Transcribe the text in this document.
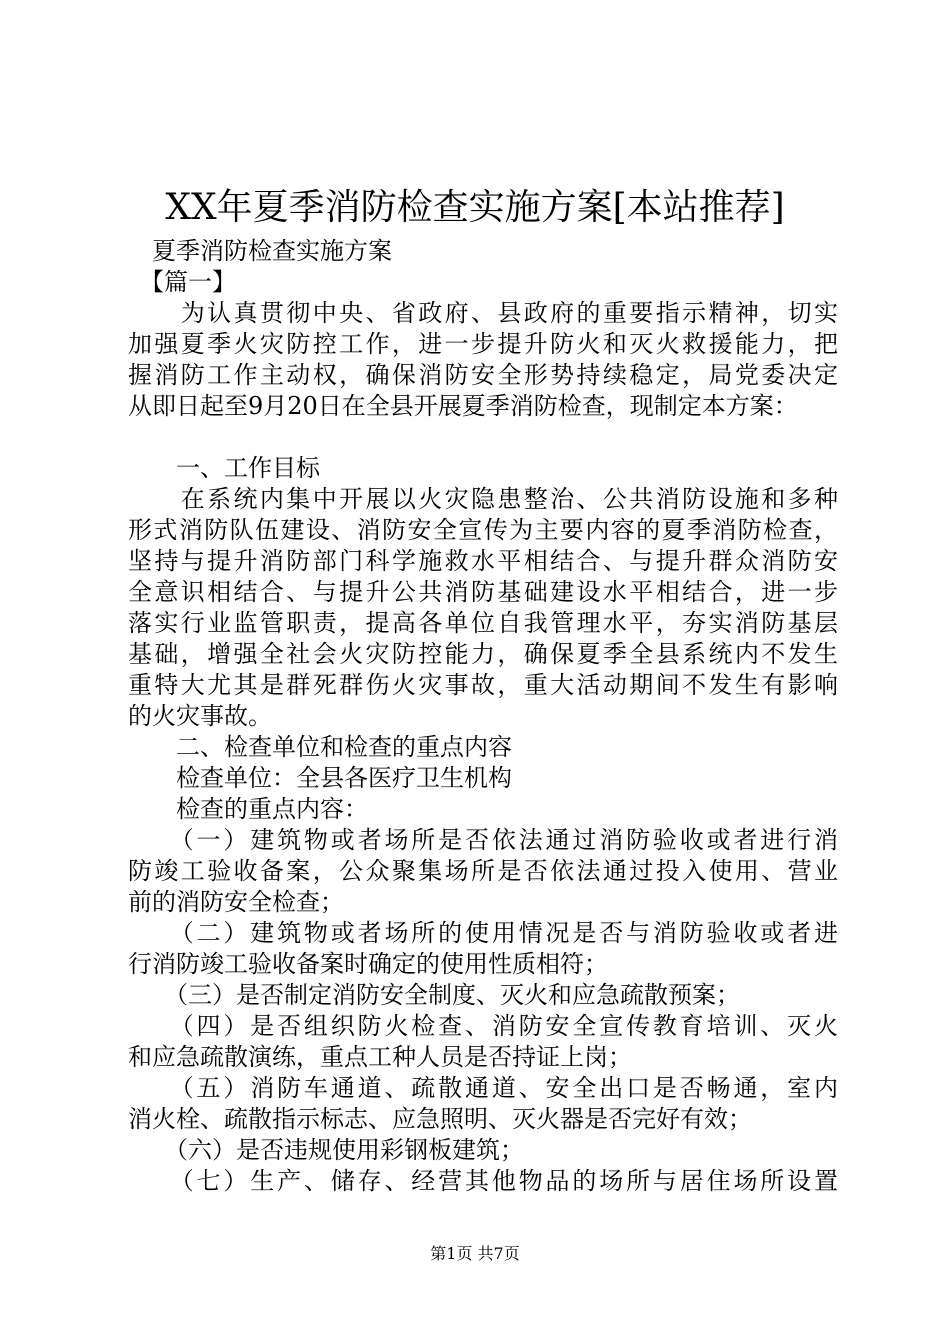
XX年夏季消防检查实施方案[本站推荐]
　夏季消防检查实施方案
　【篇一】
　　为认真贯彻中央、省政府、县政府的重要指示精神，切实
加强夏季火灾防控工作，进一步提升防火和灭火救援能力，把
握消防工作主动权，确保消防安全形势持续稳定，局党委决定
从即日起至9月20日在全县开展夏季消防检查，现制定本方案：
　　一、工作目标
　　在系统内集中开展以火灾隐患整治、公共消防设施和多种
形式消防队伍建设、消防安全宣传为主要内容的夏季消防检查，
坚持与提升消防部门科学施救水平相结合、与提升群众消防安
全意识相结合、与提升公共消防基础建设水平相结合，进一步
落实行业监管职责，提高各单位自我管理水平，夯实消防基层
基础，增强全社会火灾防控能力，确保夏季全县系统内不发生
重特大尤其是群死群伤火灾事故，重大活动期间不发生有影响
的火灾事故。
　　二、检查单位和检查的重点内容
　　检查单位：全县各医疗卫生机构
　　检查的重点内容：
　　（一）建筑物或者场所是否依法通过消防验收或者进行消
防竣工验收备案，公众聚集场所是否依法通过投入使用、营业
前的消防安全检查；
　　（二）建筑物或者场所的使用情况是否与消防验收或者进
行消防竣工验收备案时确定的使用性质相符；
　　（三）是否制定消防安全制度、灭火和应急疏散预案；
　　（四）是否组织防火检查、消防安全宣传教育培训、灭火
和应急疏散演练，重点工种人员是否持证上岗；
　　（五）消防车通道、疏散通道、安全出口是否畅通，室内
消火栓、疏散指示标志、应急照明、灭火器是否完好有效；
　　（六）是否违规使用彩钢板建筑；
　　（七）生产、储存、经营其他物品的场所与居住场所设置
第1页 共7页
